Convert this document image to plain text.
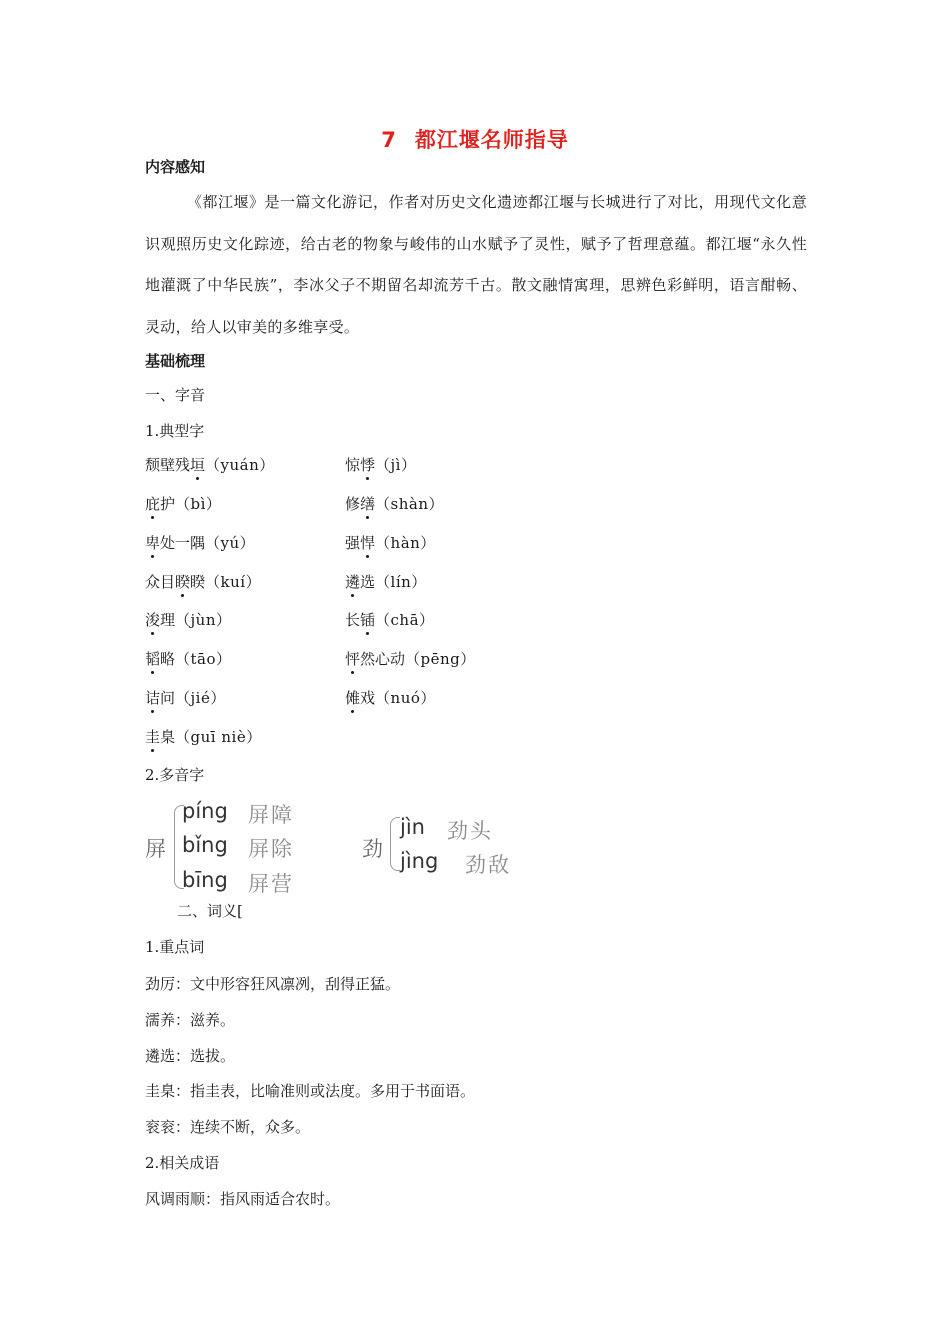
7 都江堰名师指导
内容感知
《都江堰》是一篇文化游记，作者对历史文化遗迹都江堰与长城进行了对比，用现代文化意识观照历史文化踪迹，给古老的物象与峻伟的山水赋予了灵性，赋予了哲理意蕴。都江堰“永久性地灌溉了中华民族”，李冰父子不期留名却流芳千古。散文融情寓理，思辨色彩鲜明，语言酣畅、灵动，给人以审美的多维享受。
基础梳理
一、字音
1.典型字
颓壁残垣（yuán）	惊悸（jì）
庇护（bì）	修缮（shàn）
卑处一隅（yú）	强悍（hàn）
众目睽睽（kuí）	遴选（lín）
浚理（jùn）	长锸（chā）
韬略（tāo）	怦然心动（pēng）
诘问（jié）	傩戏（nuó）
圭臬（guī niè）
2.多音字
屏
píng 屏障
bǐng 屏除
bīng 屏营
劲
jìn 劲头
jìng 劲敌
二、词义[
1.重点词
劲厉：文中形容狂风凛冽，刮得正猛。
濡养：滋养。
遴选：选拔。
圭臬：指圭表，比喻准则或法度。多用于书面语。
衮衮：连续不断，众多。
2.相关成语
风调雨顺：指风雨适合农时。
